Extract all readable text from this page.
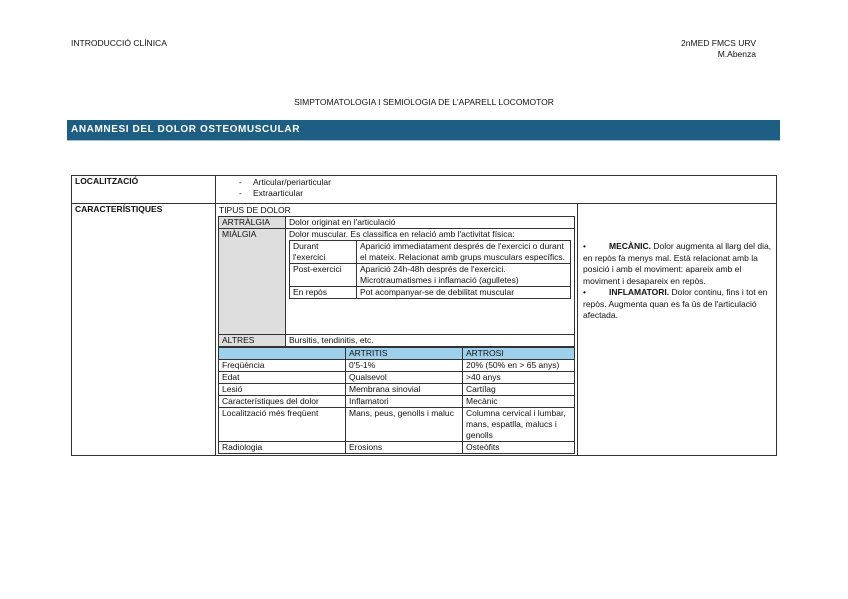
INTRODUCCIÓ CLÍNICA	2nMED FMCS URV
M.Abenza
SIMPTOMATOLOGIA I SEMIOLOGIA DE L'APARELL LOCOMOTOR
ANAMNESI DEL DOLOR OSTEOMUSCULAR
LOCALITZACIÓ	
-Articular/periarticular
- Extraarticular

CARACTERÍSTIQUES	TIPUS DE DOLOR
ARTRÀLGIA	Dolor originat en l'articulació
MIÀLGIA	Dolor muscular. Es classifica en relació amb l'activitat física:
Durant l'exercici	Aparició immediatament després de l'exercici o durant el mateix. Relacionat amb grups musculars específics.
Post-exercici	Aparició 24h-48h després de l'exercici. Microtraumatismes i inflamació (agulletes)
En repòs	Pot acompanyar-se de debilitat muscular

ALTRES	Bursitis, tendinitis, etc.
	ARTRITIS	ARTROSI
Freqüència	0'5-1%	20% (50% en > 65 anys)
Edat	Qualsevol	>40 anys
Lesió	Membrana sinovial	Cartílag
Característiques del dolor	Inflamatori	Mecànic
Localització més freqüent	Mans, peus, genolls i maluc	Columna cervical i lumbar, mans, espatlla, malucs i genolls
Radiologia	Erosions	Osteòfits

•	MECÀNIC. Dolor augmenta al llarg del dia, en repòs fa menys mal. Està relacionat amb la posició i amb el moviment: apareix amb el moviment i desapareix en repòs.
•	INFLAMATORI. Dolor continu, fins i tot en repòs. Augmenta quan es fa ús de l'articulació afectada.
